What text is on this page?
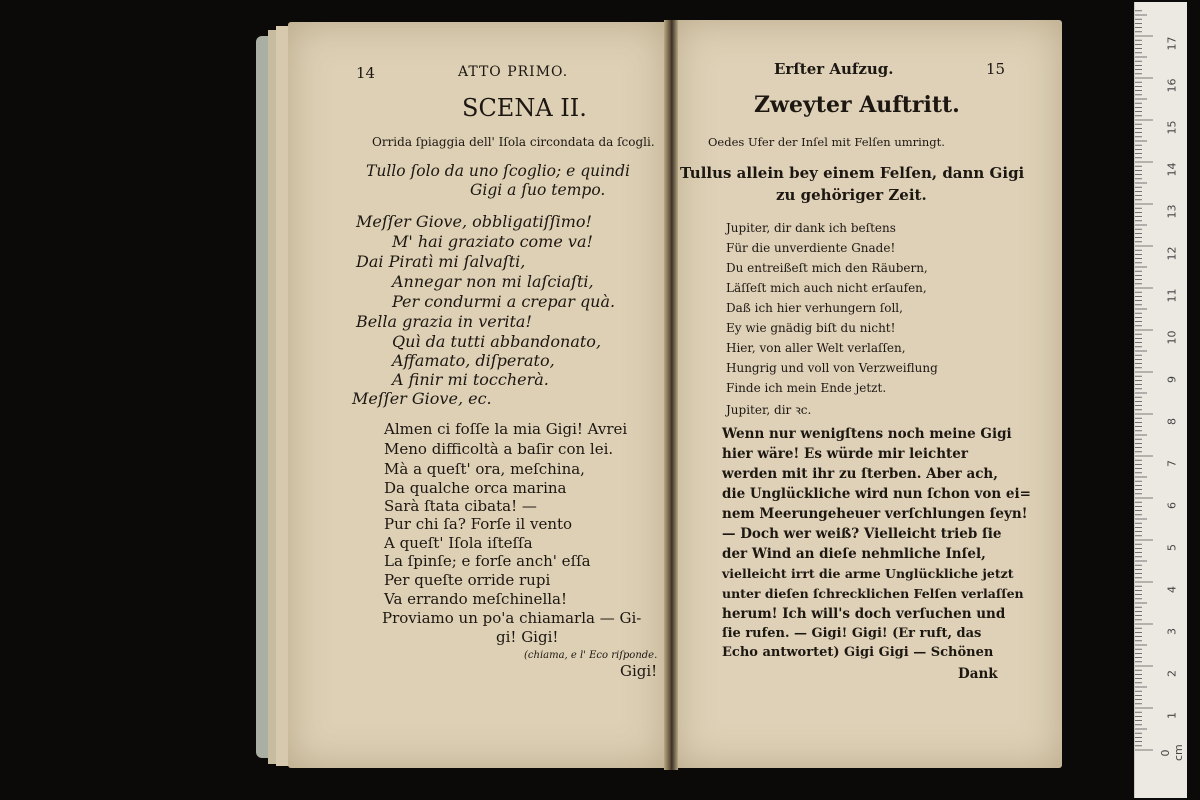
14	ATTO PRIMO.

SCENA II.

Orrida ſpiaggia dell' Iſola circondata da ſcogli.

Tullo ſolo da uno ſcoglio; e quindi

Gigi a ſuo tempo.

Meſſer Giove, obbligatiſſimo!

M' hai graziato come va!

Dai Piratì mi ſalvaſti,

Annegar non mi laſciaſti,

Per condurmi a crepar quà.

Bella grazia in verita!

Quì da tutti abbandonato,

Affamato, diſperato,

A finir mi toccherà.

Meſſer Giove, ec.

Almen ci foſſe la mia Gigi! Avrei

Meno difficoltà a baſir con lei.

Mà a queſt' ora, meſchina,

Da qualche orca marina

Sarà ſtata cibata! —

Pur chi ſa? Forſe il vento

A queſt' Iſola iſteſſa

La ſpinſe; e forſe anch' eſſa

Per queſte orride rupi

Va errando meſchinella!

Proviamo un po'a chiamarla — Gi-

gi! Gigi!

(chiama, e l' Eco riſponde.

Gigi!

Erſter Aufzug.	15

Zweyter Auftritt.

Oedes Ufer der Inſel mit Felſen umringt.

Tullus allein bey einem Felſen, dann Gigi

zu gehöriger Zeit.

Jupiter, dir dank ich beſtens

Für die unverdiente Gnade!

Du entreißeſt mich den Räubern,

Läſſeſt mich auch nicht erſaufen,

Daß ich hier verhungern ſoll,

Ey wie gnädig biſt du nicht!

Hier, von aller Welt verlaſſen,

Hungrig und voll von Verzweiflung

Finde ich mein Ende jetzt.

Jupiter, dir ꝛc.

Wenn nur wenigſtens noch meine Gigi

hier wäre! Es würde mir leichter

werden mit ihr zu ſterben. Aber ach,

die Unglückliche wird nun ſchon von ei=

nem Meerungeheuer verſchlungen ſeyn!

— Doch wer weiß? Vielleicht trieb ſie

der Wind an dieſe nehmliche Inſel,

vielleicht irrt die arme Unglückliche jetzt

unter dieſen ſchrecklichen Felſen verlaſſen

herum! Ich will's doch verſuchen und

ſie rufen. — Gigi! Gigi! (Er ruft, das

Echo antwortet) Gigi Gigi — Schönen

Dank

0 cm

1

2

3

4

5

6

7

8

9

10

11

12

13

14

15

16

17
